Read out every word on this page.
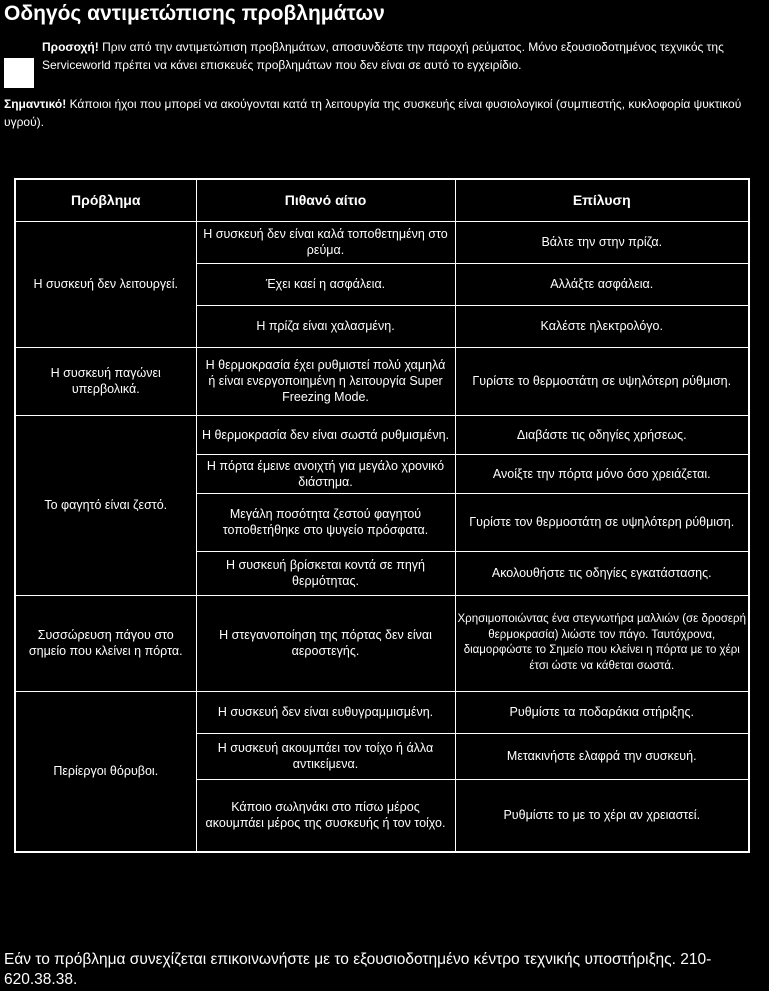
Οδηγός αντιμετώπισης προβλημάτων
Προσοχή! Πριν από την αντιμετώπιση προβλημάτων, αποσυνδέστε την παροχή ρεύματος. Μόνο εξουσιοδοτημένος τεχνικός της Serviceworld πρέπει να κάνει επισκευές προβλημάτων που δεν είναι σε αυτό το εγχειρίδιο.
Σημαντικό! Κάποιοι ήχοι που μπορεί να ακούγονται κατά τη λειτουργία της συσκευής είναι φυσιολογικοί (συμπιεστής, κυκλοφορία ψυκτικού υγρού).
Πρόβλημα	Πιθανό αίτιο	Επίλυση
Η συσκευή δεν λειτουργεί.	Η συσκευή δεν είναι καλά τοποθετημένη στο ρεύμα.	Βάλτε την στην πρίζα.
	Έχει καεί η ασφάλεια.	Αλλάξτε ασφάλεια.
	Η πρίζα είναι χαλασμένη.	Καλέστε ηλεκτρολόγο.
Η συσκευή παγώνει υπερβολικά.	Η θερμοκρασία έχει ρυθμιστεί πολύ χαμηλά ή είναι ενεργοποιημένη η λειτουργία Super Freezing Mode.	Γυρίστε το θερμοστάτη σε υψηλότερη ρύθμιση.
Το φαγητό είναι ζεστό.	Η θερμοκρασία δεν είναι σωστά ρυθμισμένη.	Διαβάστε τις οδηγίες χρήσεως.
	Η πόρτα έμεινε ανοιχτή για μεγάλο χρονικό διάστημα.	Ανοίξτε την πόρτα μόνο όσο χρειάζεται.
	Μεγάλη ποσότητα ζεστού φαγητού τοποθετήθηκε στο ψυγείο πρόσφατα.	Γυρίστε τον θερμοστάτη σε υψηλότερη ρύθμιση.
	Η συσκευή βρίσκεται κοντά σε πηγή θερμότητας.	Ακολουθήστε τις οδηγίες εγκατάστασης.
Συσσώρευση πάγου στο σημείο που κλείνει η πόρτα.	Η στεγανοποίηση της πόρτας δεν είναι αεροστεγής.	Χρησιμοποιώντας ένα στεγνωτήρα μαλλιών (σε δροσερή θερμοκρασία) λιώστε τον πάγο. Ταυτόχρονα, διαμορφώστε το Σημείο που κλείνει η πόρτα με το χέρι έτσι ώστε να κάθεται σωστά.
Περίεργοι θόρυβοι.	Η συσκευή δεν είναι ευθυγραμμισμένη.	Ρυθμίστε τα ποδαράκια στήριξης.
	Η συσκευή ακουμπάει τον τοίχο ή άλλα αντικείμενα.	Μετακινήστε ελαφρά την συσκευή.
	Κάποιο σωληνάκι στο πίσω μέρος ακουμπάει μέρος της συσκευής ή τον τοίχο.	Ρυθμίστε το με το χέρι αν χρειαστεί.
Εάν το πρόβλημα συνεχίζεται επικοινωνήστε με το εξουσιοδοτημένο κέντρο τεχνικής υποστήριξης. 210-620.38.38.
